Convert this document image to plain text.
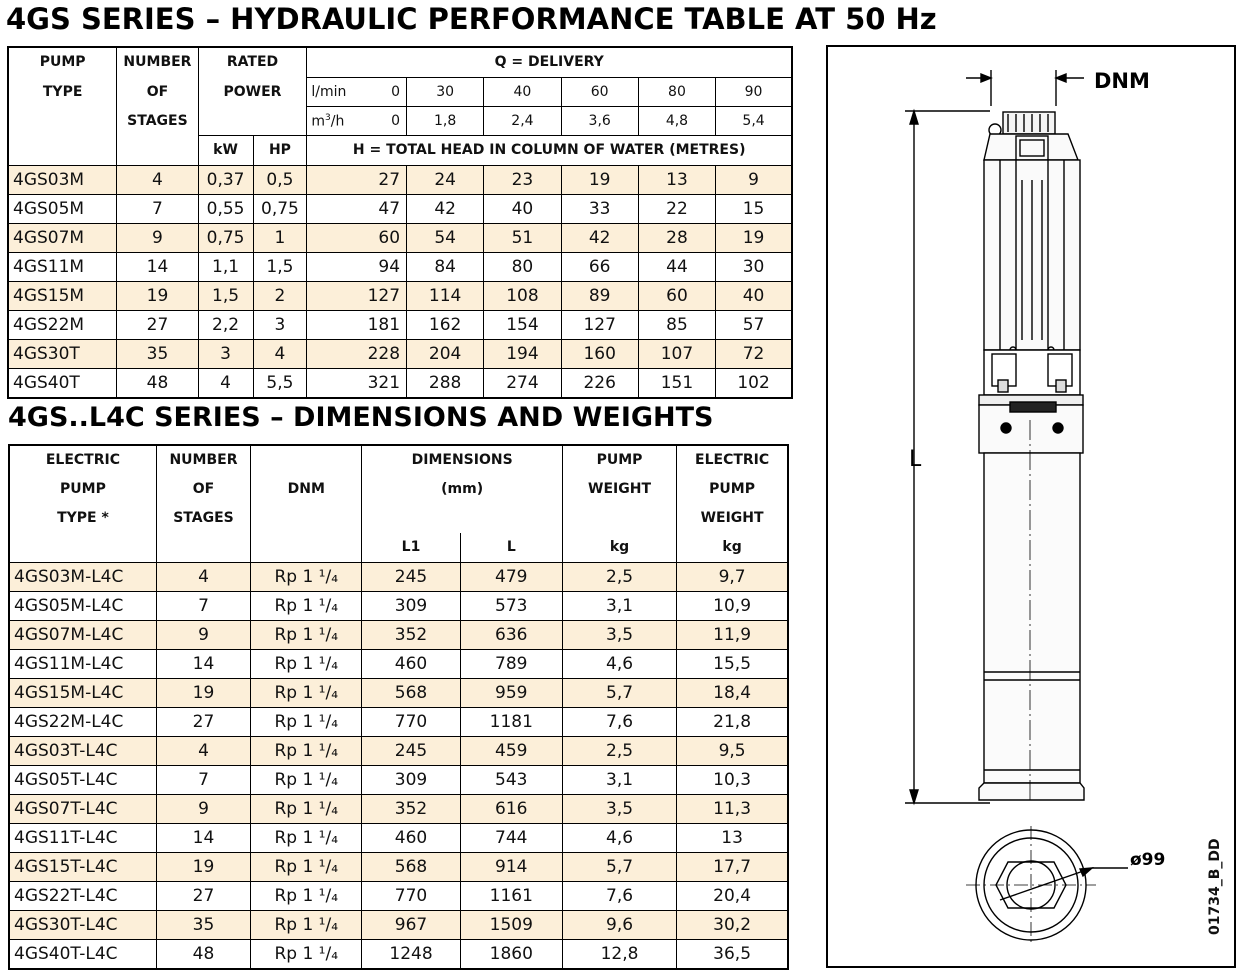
4GS SERIES – HYDRAULIC PERFORMANCE TABLE AT 50 Hz
PUMP	NUMBER	RATED		Q = DELIVERY						
TYPE	OF	POWER		l/min	0	30	40	60	80	90
	STAGES			$m^3/h$	0	1,8	2,4	3,6	4,8	5,4
		kW	HP	H = TOTAL HEAD IN COLUMN OF WATER (METRES)						
4GS03M	4	0,37	0,5	27		24	23	19	13	9
4GS05M	7	0,55	0,75	47		42	40	33	22	15
4GS07M	9	0,75	1	60		54	51	42	28	19
4GS11M	14	1,1	1,5	94		84	80	66	44	30
4GS15M	19	1,5	2	127		114	108	89	60	40
4GS22M	27	2,2	3	181		162	154	127	85	57
4GS30T	35	3	4	228		204	194	160	107	72
4GS40T	48	4	5,5	321		288	274	226	151	102
4GS..L4C SERIES – DIMENSIONS AND WEIGHTS
ELECTRIC	NUMBER		DIMENSIONS		PUMP	ELECTRIC
PUMP	OF	DNM	(mm)		WEIGHT	PUMP
TYPE *	STAGES					WEIGHT
			L1	L	kg	kg
4GS03M-L4C	4	Rp 1 ¹/₄	245	479	2,5	9,7
4GS05M-L4C	7	Rp 1 ¹/₄	309	573	3,1	10,9
4GS07M-L4C	9	Rp 1 ¹/₄	352	636	3,5	11,9
4GS11M-L4C	14	Rp 1 ¹/₄	460	789	4,6	15,5
4GS15M-L4C	19	Rp 1 ¹/₄	568	959	5,7	18,4
4GS22M-L4C	27	Rp 1 ¹/₄	770	1181	7,6	21,8
4GS03T-L4C	4	Rp 1 ¹/₄	245	459	2,5	9,5
4GS05T-L4C	7	Rp 1 ¹/₄	309	543	3,1	10,3
4GS07T-L4C	9	Rp 1 ¹/₄	352	616	3,5	11,3
4GS11T-L4C	14	Rp 1 ¹/₄	460	744	4,6	13
4GS15T-L4C	19	Rp 1 ¹/₄	568	914	5,7	17,7
4GS22T-L4C	27	Rp 1 ¹/₄	770	1161	7,6	20,4
4GS30T-L4C	35	Rp 1 ¹/₄	967	1509	9,6	30,2
4GS40T-L4C	48	Rp 1 ¹/₄	1248	1860	12,8	36,5
DNM
L
ø99	01734_B_DD
